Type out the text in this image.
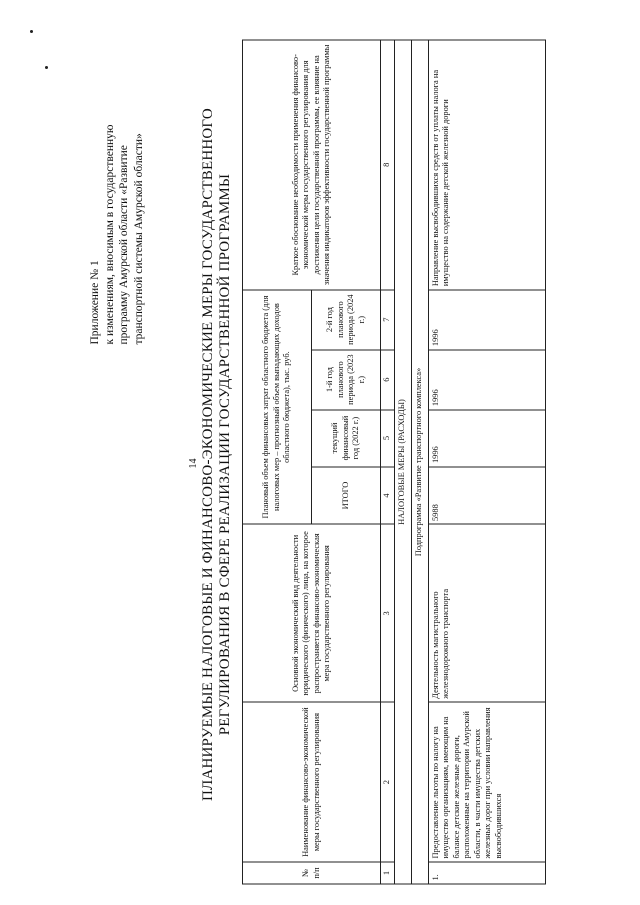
14
Приложение № 1 к изменениям, вносимым в государственную программу Амурской области «Развитие транспортной системы Амурской области»	ПЛАНИРУЕМЫЕ НАЛОГОВЫЕ И ФИНАНСОВО-ЭКОНОМИЧЕСКИЕ МЕРЫ ГОСУДАРСТВЕННОГО РЕГУЛИРОВАНИЯ В СФЕРЕ РЕАЛИЗАЦИИ ГОСУДАРСТВЕННОЙ ПРОГРАММЫ
№ п/п	Наименование финансово-экономической меры государственного регулирования	Основной экономический вид деятельности юридического (физического) лица, на которое распространяется финансово-экономическая мера государственного регулирования	Плановый объем финансовых затрат областного бюджета (для налоговых мер – прогнозный объем выпадающих доходов областного бюджета), тыс. руб.				Краткое обоснование необходимости применения финансово-экономической меры государственного регулирования для достижения цели государственной программы, ее влияние на значения индикаторов эффективности государственной программы
			ИТОГО	текущий финансовый год (2022 г.)	1-й год планового периода (2023 г.)	2-й год планового периода (2024 г.)	
1	2	3	4	5	6	7	8
НАЛОГОВЫЕ МЕРЫ (РАСХОДЫ)							
Подпрограмма «Развитие транспортного комплекса»							
1.	Предоставление льготы по налогу на имущество организациям, имеющим на балансе детские железные дороги, расположенные на территории Амурской области, в части имущества детских железных дорог при условии направления высвободившихся	Деятельность магистрального железнодорожного транспорта	5988	1996	1996	1996	Направление высвободившихся средств от уплаты налога на имущество на содержание детской железной дороги
